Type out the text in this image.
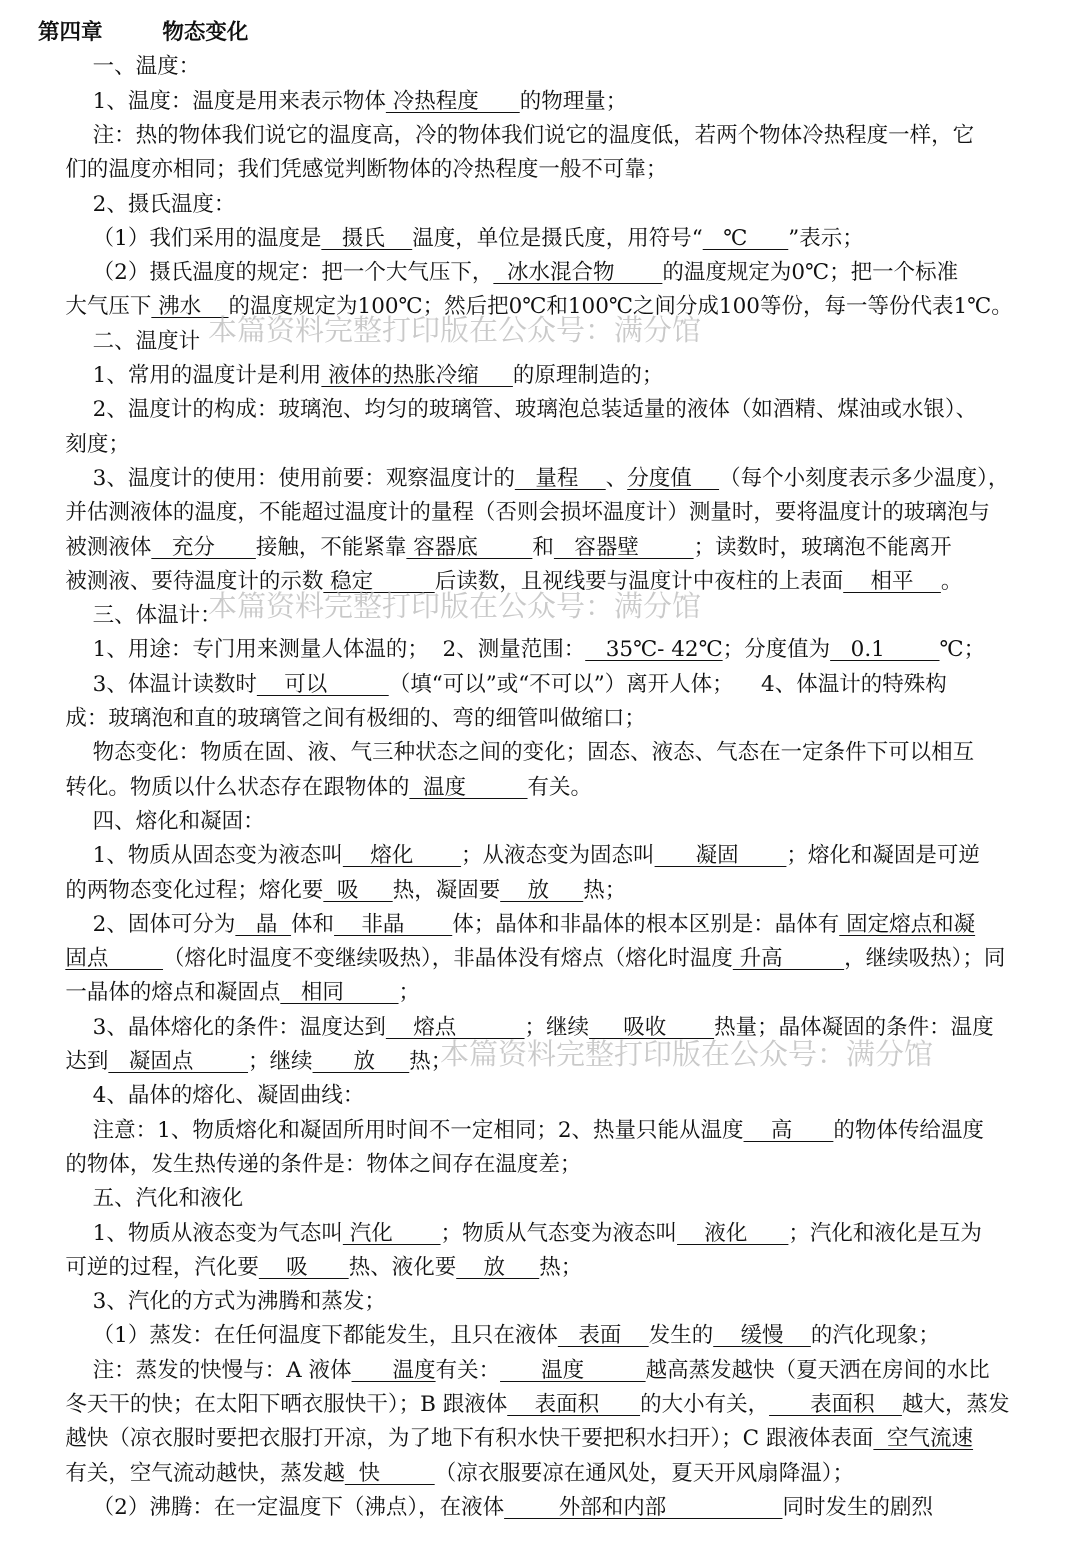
第四章        物态变化
一、温度：
1、温度：温度是用来表示物体 冷热程度      的物理量；
注：热的物体我们说它的温度高，冷的物体我们说它的温度低，若两个物体冷热程度一样，它
们的温度亦相同；我们凭感觉判断物体的冷热程度一般不可靠；
2、摄氏温度：
（1）我们采用的温度是   摄氏    温度，单位是摄氏度，用符号“   ℃      ”表示；
（2）摄氏温度的规定：把一个大气压下，  冰水混合物       的温度规定为0℃；把一个标准
大气压下 沸水    的温度规定为100℃；然后把0℃和100℃之间分成100等份，每一等份代表1℃。
二、温度计
1、常用的温度计是利用 液体的热胀冷缩     的原理制造的；
2、温度计的构成：玻璃泡、均匀的玻璃管、玻璃泡总装适量的液体（如酒精、煤油或水银）、
刻度；
3、温度计的使用：使用前要：观察温度计的   量程    、分度值    （每个小刻度表示多少温度），
并估测液体的温度，不能超过温度计的量程（否则会损坏温度计）测量时，要将温度计的玻璃泡与
被测液体   充分      接触，不能紧靠 容器底        和   容器壁        ；读数时，玻璃泡不能离开
被测液、要待温度计的示数 稳定         后读数，且视线要与温度计中夜柱的上表面    相平    。
三、体温计：
1、用途：专门用来测量人体温的；  2、测量范围：   35℃- 42℃；分度值为   0.1        ℃；
3、体温计读数时    可以         （填“可以”或“不可以”）离开人体；    4、体温计的特殊构
成：玻璃泡和直的玻璃管之间有极细的、弯的细管叫做缩口；
物态变化：物质在固、液、气三种状态之间的变化；固态、液态、气态在一定条件下可以相互
转化。物质以什么状态存在跟物体的  温度         有关。
四、熔化和凝固：
1、物质从固态变为液态叫    熔化       ；从液态变为固态叫      凝固       ；熔化和凝固是可逆
的两物态变化过程；熔化要  吸     热，凝固要    放     热；
2、固体可分为   晶  体和    非晶       体；晶体和非晶体的根本区别是：晶体有 固定熔点和凝
固点        （熔化时温度不变继续吸热），非晶体没有熔点（熔化时温度 升高         ，继续吸热）；同
一晶体的熔点和凝固点   相同        ；
3、晶体熔化的条件：温度达到    熔点          ；继续     吸收       热量；晶体凝固的条件：温度
达到   凝固点        ；继续      放     热；
4、晶体的熔化、凝固曲线：
注意：1、物质熔化和凝固所用时间不一定相同；2、热量只能从温度    高      的物体传给温度
的物体，发生热传递的条件是：物体之间存在温度差；
五、汽化和液化
1、物质从液态变为气态叫 汽化       ；物质从气态变为液态叫    液化      ；汽化和液化是互为
可逆的过程，汽化要    吸      热、液化要    放     热；
3、汽化的方式为沸腾和蒸发；
（1）蒸发：在任何温度下都能发生，且只在液体   表面    发生的    缓慢    的汽化现象；
注：蒸发的快慢与：A 液体      温度有关：      温度         越高蒸发越快（夏天洒在房间的水比
冬天干的快；在太阳下晒衣服快干）；B 跟液体    表面积      的大小有关，      表面积    越大，蒸发
越快（凉衣服时要把衣服打开凉，为了地下有积水快干要把积水扫开）；C 跟液体表面  空气流速
有关，空气流动越快，蒸发越  快        （凉衣服要凉在通风处，夏天开风扇降温）；
（2）沸腾：在一定温度下（沸点），在液体        外部和内部                 同时发生的剧烈
本篇资料完整打印版在公众号：满分馆
本篇资料完整打印版在公众号：满分馆
本篇资料完整打印版在公众号：满分馆
